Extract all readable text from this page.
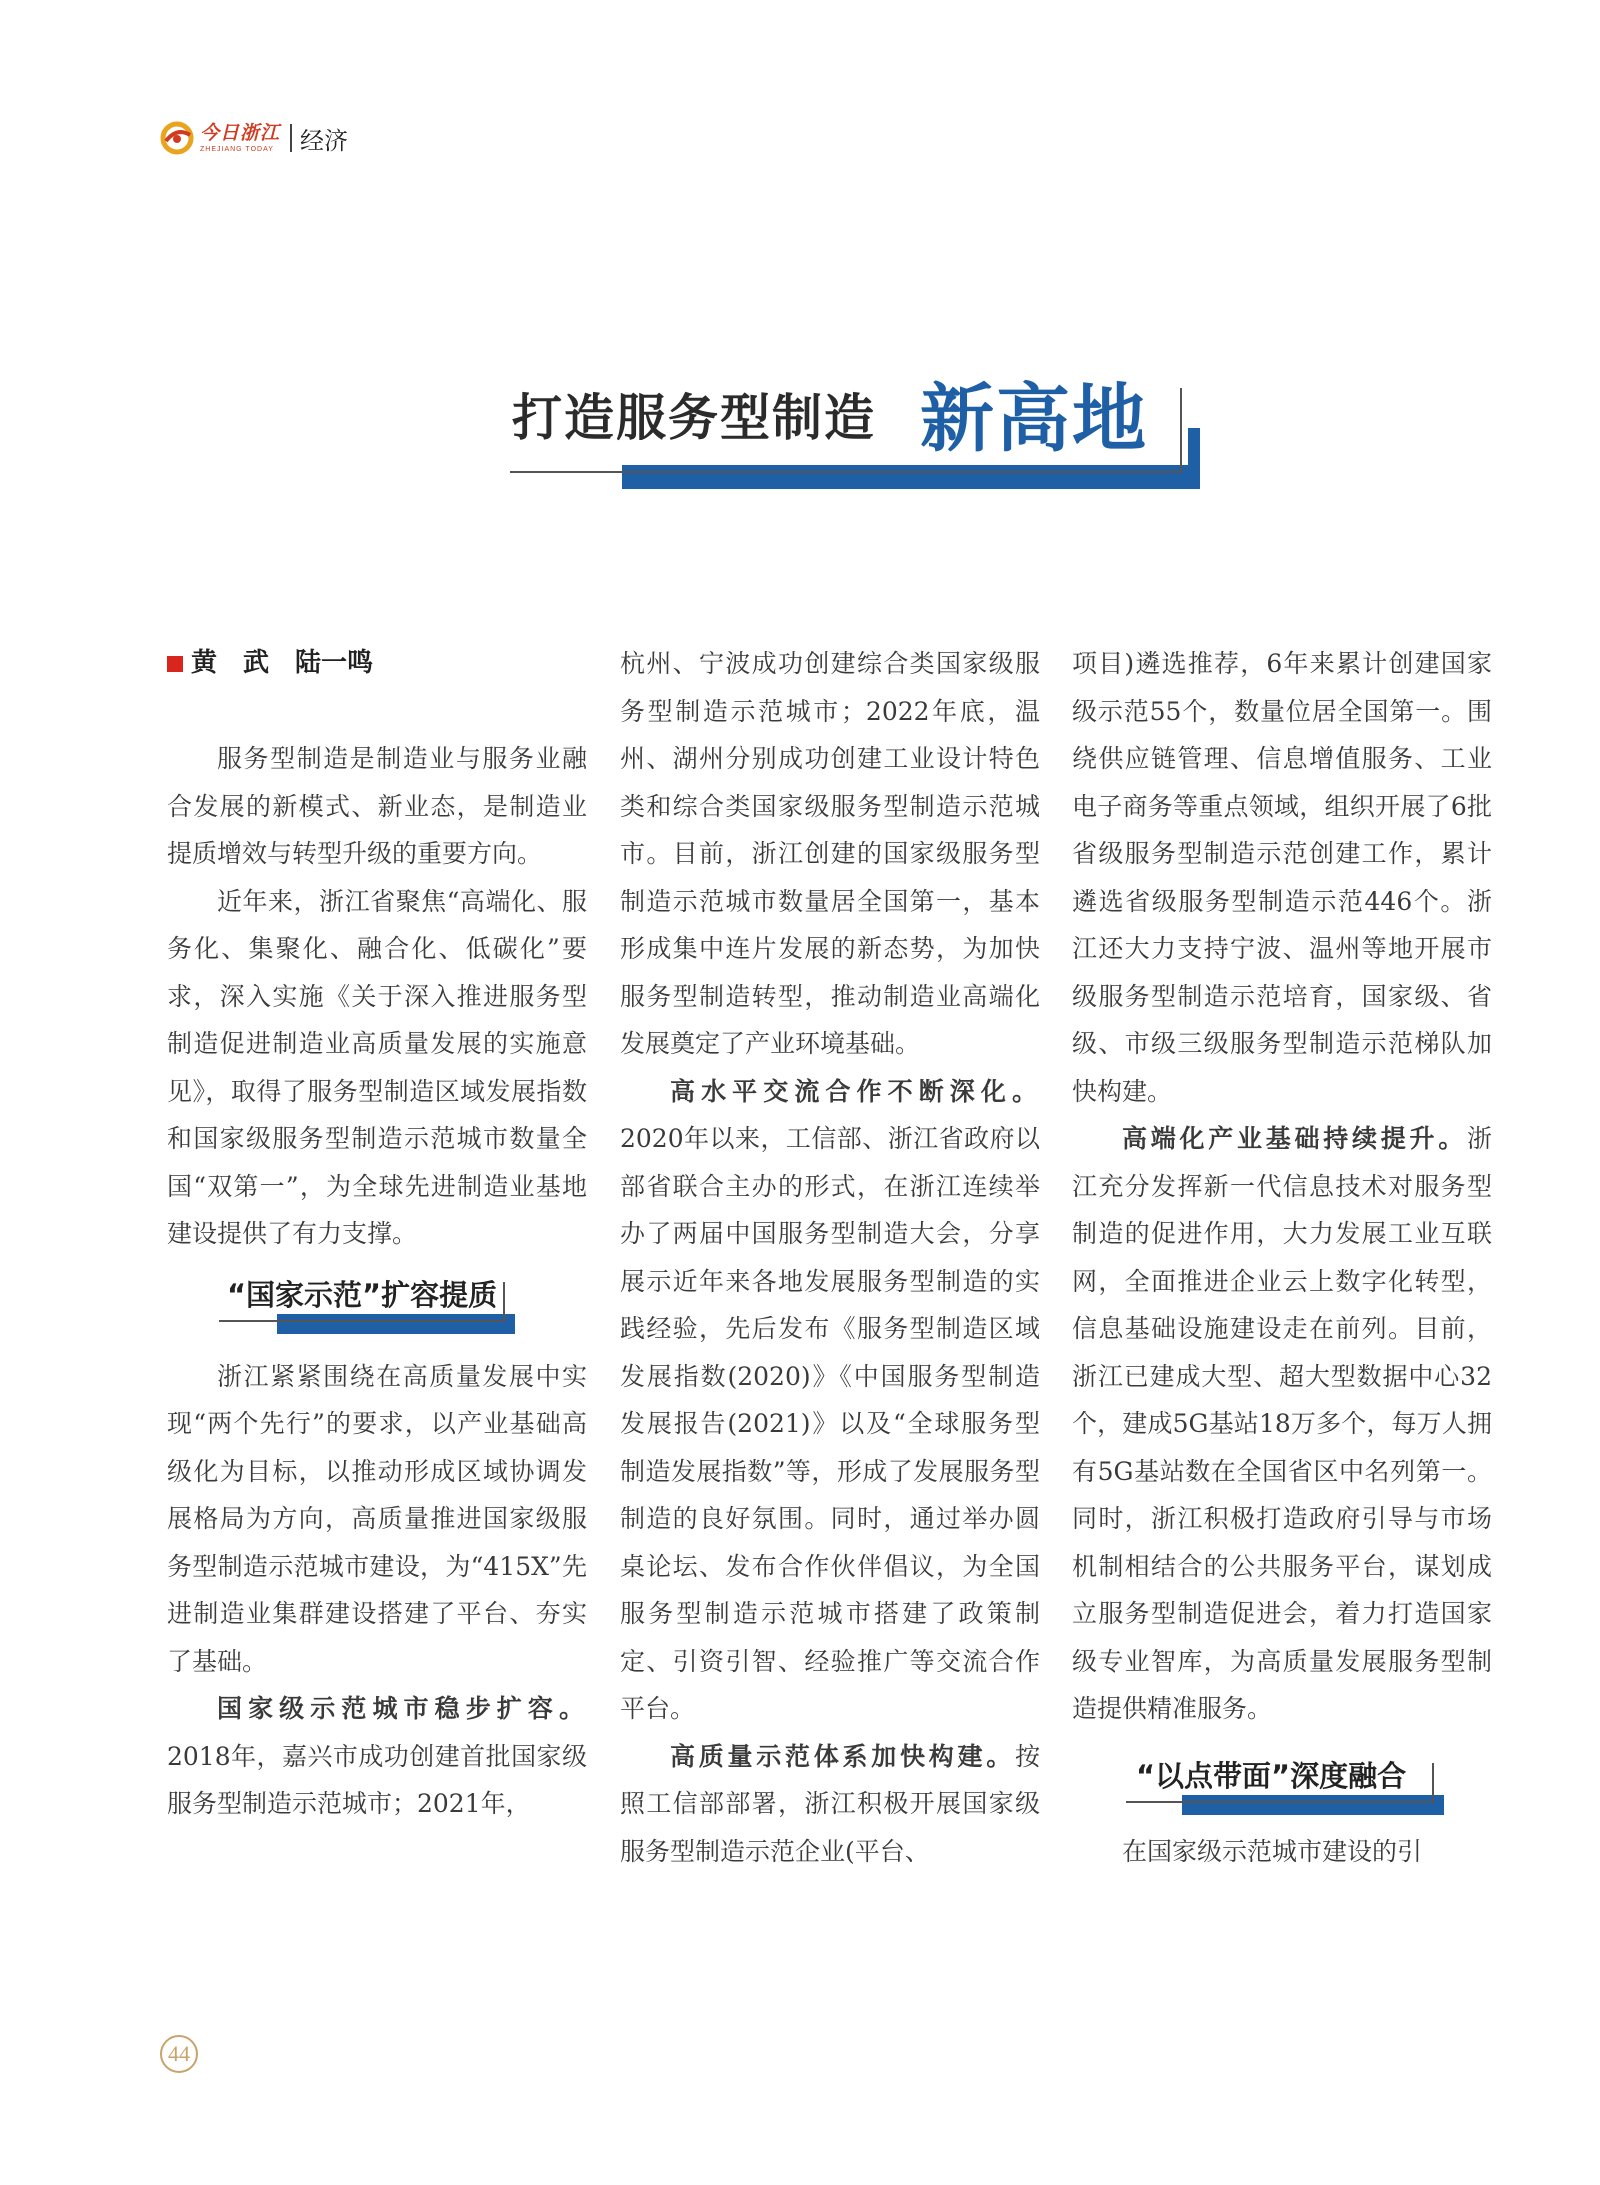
今日浙江
ZHEJIANG TODAY 经济
打造服务型制造 新高地
黄　武　陆一鸣

服务型制造是制造业与服务业融合发展的新模式、新业态，是制造业提质增效与转型升级的重要方向。

近年来，浙江省聚焦“高端化、服务化、集聚化、融合化、低碳化”要求，深入实施《关于深入推进服务型制造促进制造业高质量发展的实施意见》，取得了服务型制造区域发展指数和国家级服务型制造示范城市数量全国“双第一”，为全球先进制造业基地建设提供了有力支撑。

“国家示范”扩容提质

浙江紧紧围绕在高质量发展中实现“两个先行”的要求，以产业基础高级化为目标，以推动形成区域协调发展格局为方向，高质量推进国家级服务型制造示范城市建设，为“415X”先进制造业集群建设搭建了平台、夯实了基础。

国家级示范城市稳步扩容。2018年，嘉兴市成功创建首批国家级服务型制造示范城市；2021年，

杭州、宁波成功创建综合类国家级服务型制造示范城市；2022年底，温州、湖州分别成功创建工业设计特色类和综合类国家级服务型制造示范城市。目前，浙江创建的国家级服务型制造示范城市数量居全国第一，基本形成集中连片发展的新态势，为加快服务型制造转型，推动制造业高端化发展奠定了产业环境基础。

高水平交流合作不断深化。2020年以来，工信部、浙江省政府以部省联合主办的形式，在浙江连续举办了两届中国服务型制造大会，分享展示近年来各地发展服务型制造的实践经验，先后发布《服务型制造区域发展指数(2020)》《中国服务型制造发展报告(2021)》以及“全球服务型制造发展指数”等，形成了发展服务型制造的良好氛围。同时，通过举办圆桌论坛、发布合作伙伴倡议，为全国服务型制造示范城市搭建了政策制定、引资引智、经验推广等交流合作平台。

高质量示范体系加快构建。按照工信部部署，浙江积极开展国家级服务型制造示范企业(平台、

项目)遴选推荐，6年来累计创建国家级示范55个，数量位居全国第一。围绕供应链管理、信息增值服务、工业电子商务等重点领域，组织开展了6批省级服务型制造示范创建工作，累计遴选省级服务型制造示范446个。浙江还大力支持宁波、温州等地开展市级服务型制造示范培育，国家级、省级、市级三级服务型制造示范梯队加快构建。

高端化产业基础持续提升。浙江充分发挥新一代信息技术对服务型制造的促进作用，大力发展工业互联网，全面推进企业云上数字化转型，信息基础设施建设走在前列。目前，浙江已建成大型、超大型数据中心32个，建成5G基站18万多个，每万人拥有5G基站数在全国省区中名列第一。同时，浙江积极打造政府引导与市场机制相结合的公共服务平台，谋划成立服务型制造促进会，着力打造国家级专业智库，为高质量发展服务型制造提供精准服务。

“以点带面”深度融合

在国家级示范城市建设的引

44
